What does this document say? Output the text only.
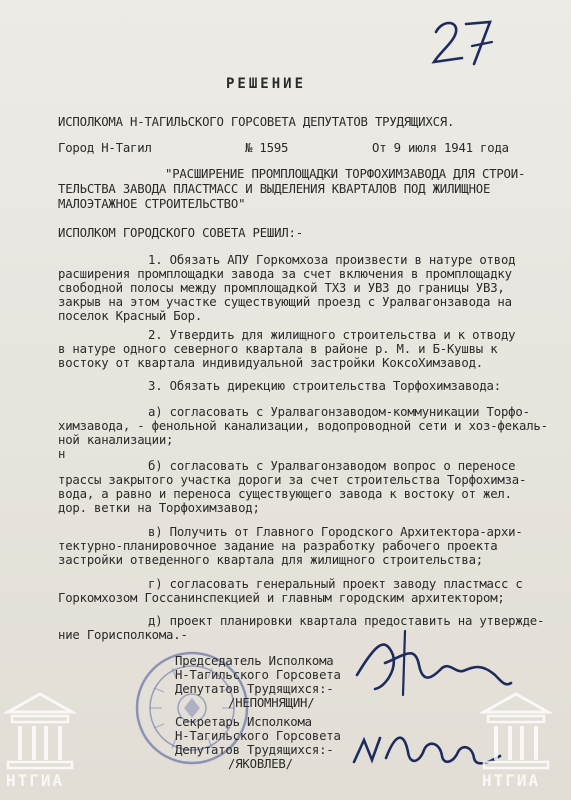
РЕШЕНИЕ
ИСПОЛКОМА Н-ТАГИЛЬСКОГО ГОРСОВЕТА ДЕПУТАТОВ ТРУДЯЩИХСЯ.
Город Н-Тагил	№ 1595	От 9 июля 1941 года
"РАСШИРЕНИЕ ПРОМПЛОЩАДКИ ТОРФОХИМЗАВОДА ДЛЯ СТРОИ-
ТЕЛЬСТВА ЗАВОДА ПЛАСТМАСС И ВЫДЕЛЕНИЯ КВАРТАЛОВ ПОД ЖИЛИЩНОЕ
МАЛОЭТАЖНОЕ СТРОИТЕЛЬСТВО"
ИСПОЛКОМ ГОРОДСКОГО СОВЕТА РЕШИЛ:-
1. Обязать АПУ Горкомхоза произвести в натуре отвод
расширения промплощадки завода за счет включения в промплощадку
свободной полосы между промплощадкой ТХЗ и УВЗ до границы УВЗ,
закрыв на этом участке существующий проезд с Уралвагонзавода на
поселок Красный Бор.
2. Утвердить для жилищного строительства и к отводу
в натуре одного северного квартала в районе р. М. и Б-Кушвы к
востоку от квартала индивидуальной застройки КоксоХимзавод.
3. Обязать дирекцию строительства Торфохимзавода:
а) согласовать с Уралвагонзаводом-коммуникации Торфо-
химзавода, - фенольной канализации, водопроводной сети и хоз-фекаль-
ной канализации;
н
б) согласовать с Уралвагонзаводом вопрос о переносе
трассы закрытого участка дороги за счет строительства Торфохимза-
вода, а равно и переноса существующего завода к востоку от жел.
дор. ветки на Торфохимзавод;
в) Получить от Главного Городского Архитектора-архи-
тектурно-планировочное задание на разработку рабочего проекта
застройки отведенного квартала для жилищного строительства;
г) согласовать генеральный проект заводу пластмасс с
Горкомхозом Госсанинспекцией и главным городским архитектором;
д) проект планировки квартала предоставить на утвержде-
ние Горисполкома.-
Председатель Исполкома
Н-Тагильского Горсовета
Депутатов Трудящихся:-
/НЕПОМНЯЩИН/
Секретарь Исполкома
Н-Тагильского Горсовета
Депутатов Трудящихся:-
/ЯКОВЛЕВ/
НТГИА	НТГИА
